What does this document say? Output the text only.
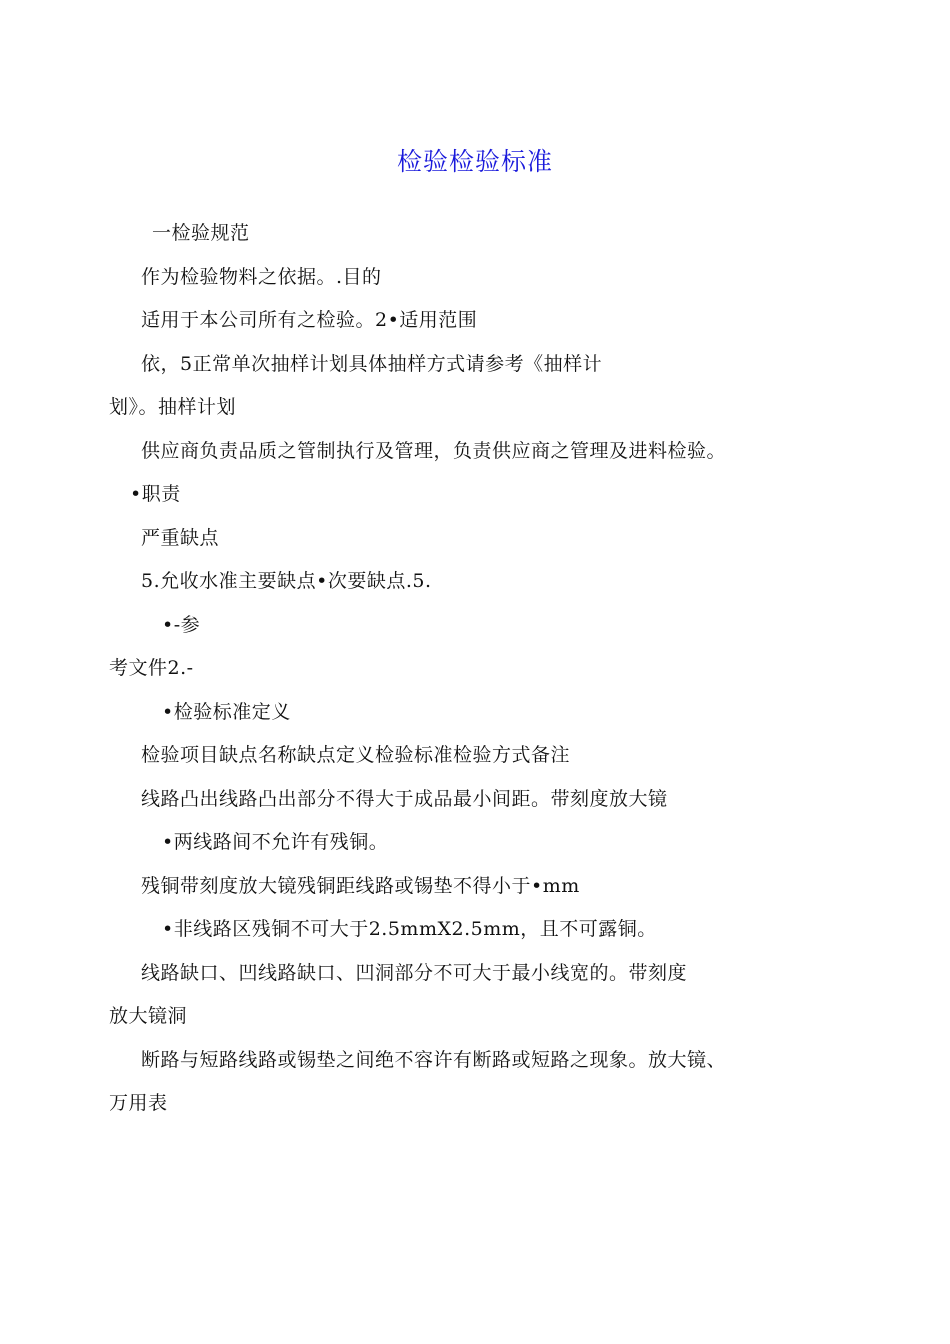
检验检验标准
一检验规范
作为检验物料之依据。.目的
适用于本公司所有之检验。2•适用范围
依，5正常单次抽样计划具体抽样方式请参考《抽样计
划》。抽样计划
供应商负责品质之管制执行及管理，负责供应商之管理及进料检验。
•职责
严重缺点
5.允收水准主要缺点•次要缺点.5.
•-参
考文件2.-
•检验标准定义
检验项目缺点名称缺点定义检验标准检验方式备注
线路凸出线路凸出部分不得大于成品最小间距。带刻度放大镜
•两线路间不允许有残铜。
残铜带刻度放大镜残铜距线路或锡垫不得小于•mm
•非线路区残铜不可大于2.5mmX2.5mm，且不可露铜。
线路缺口、凹线路缺口、凹洞部分不可大于最小线宽的。带刻度
放大镜洞
断路与短路线路或锡垫之间绝不容许有断路或短路之现象。放大镜、
万用表
